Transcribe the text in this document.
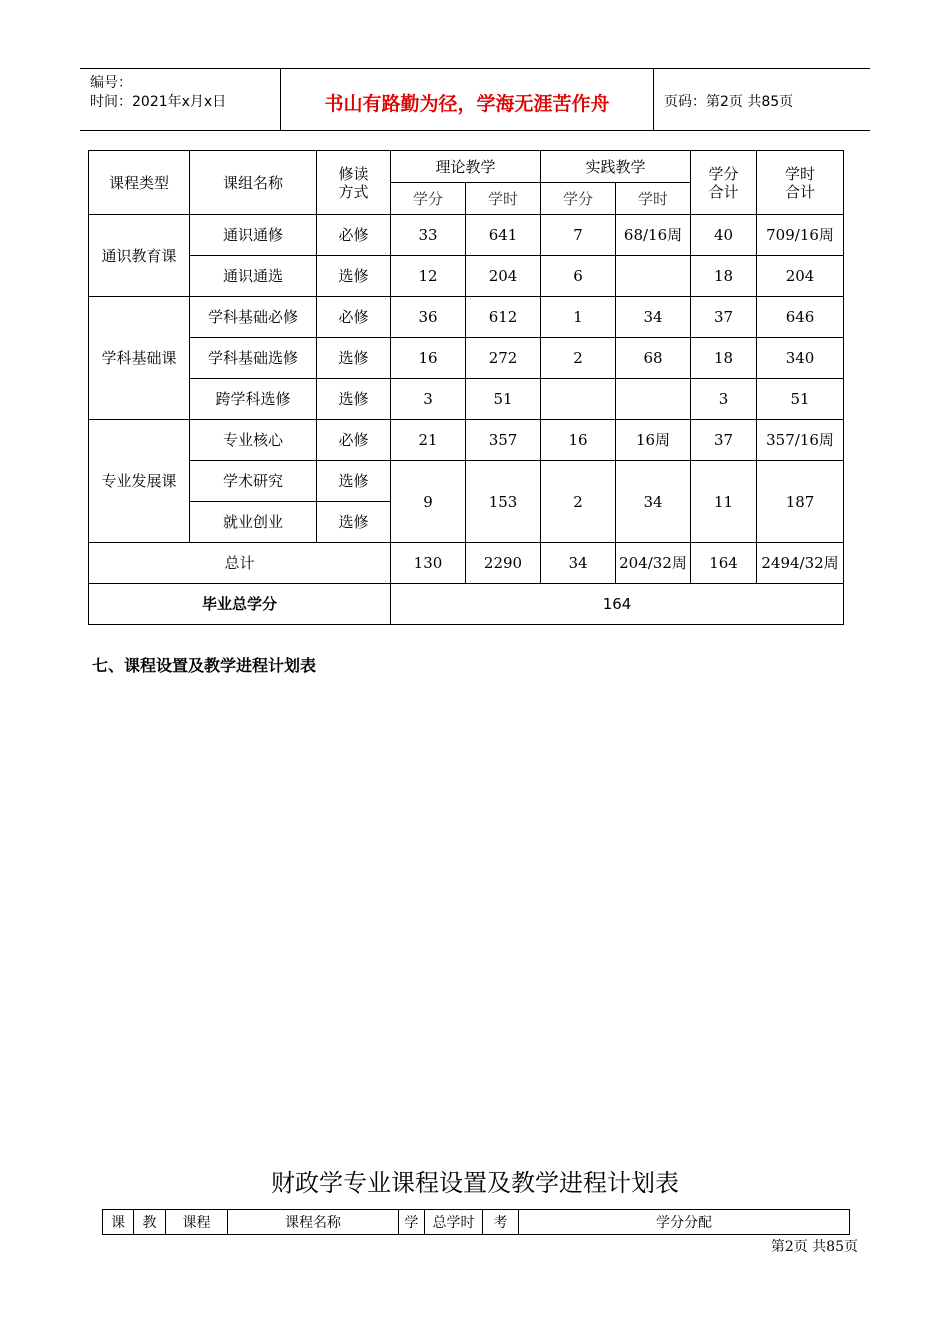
编号：
时间：2021年x月x日	书山有路勤为径，学海无涯苦作舟	页码：第2页 共85页
课程类型	课组名称	修读方式	理论教学		实践教学		学分合计	学时合计

			学分	学时	学分	学时		
通识教育课	通识通修	必修	33	641	7	68/16周	40	709/16周
	通识通选	选修	12	204	6		18	204
学科基础课	学科基础必修	必修	36	612	1	34	37	646
	学科基础选修	选修	16	272	2	68	18	340
	跨学科选修	选修	3	51			3	51
专业发展课	专业核心	必修	21	357	16	16周	37	357/16周
	学术研究	选修	9	153	2	34	11	187
	就业创业	选修						
总计			130	2290	34	204/32周	164	2494/32周
毕业总学分			164					
七、课程设置及教学进程计划表
财政学专业课程设置及教学进程计划表
课	教	课程	课程名称	学	总学时	考	学分分配
第2页 共85页
